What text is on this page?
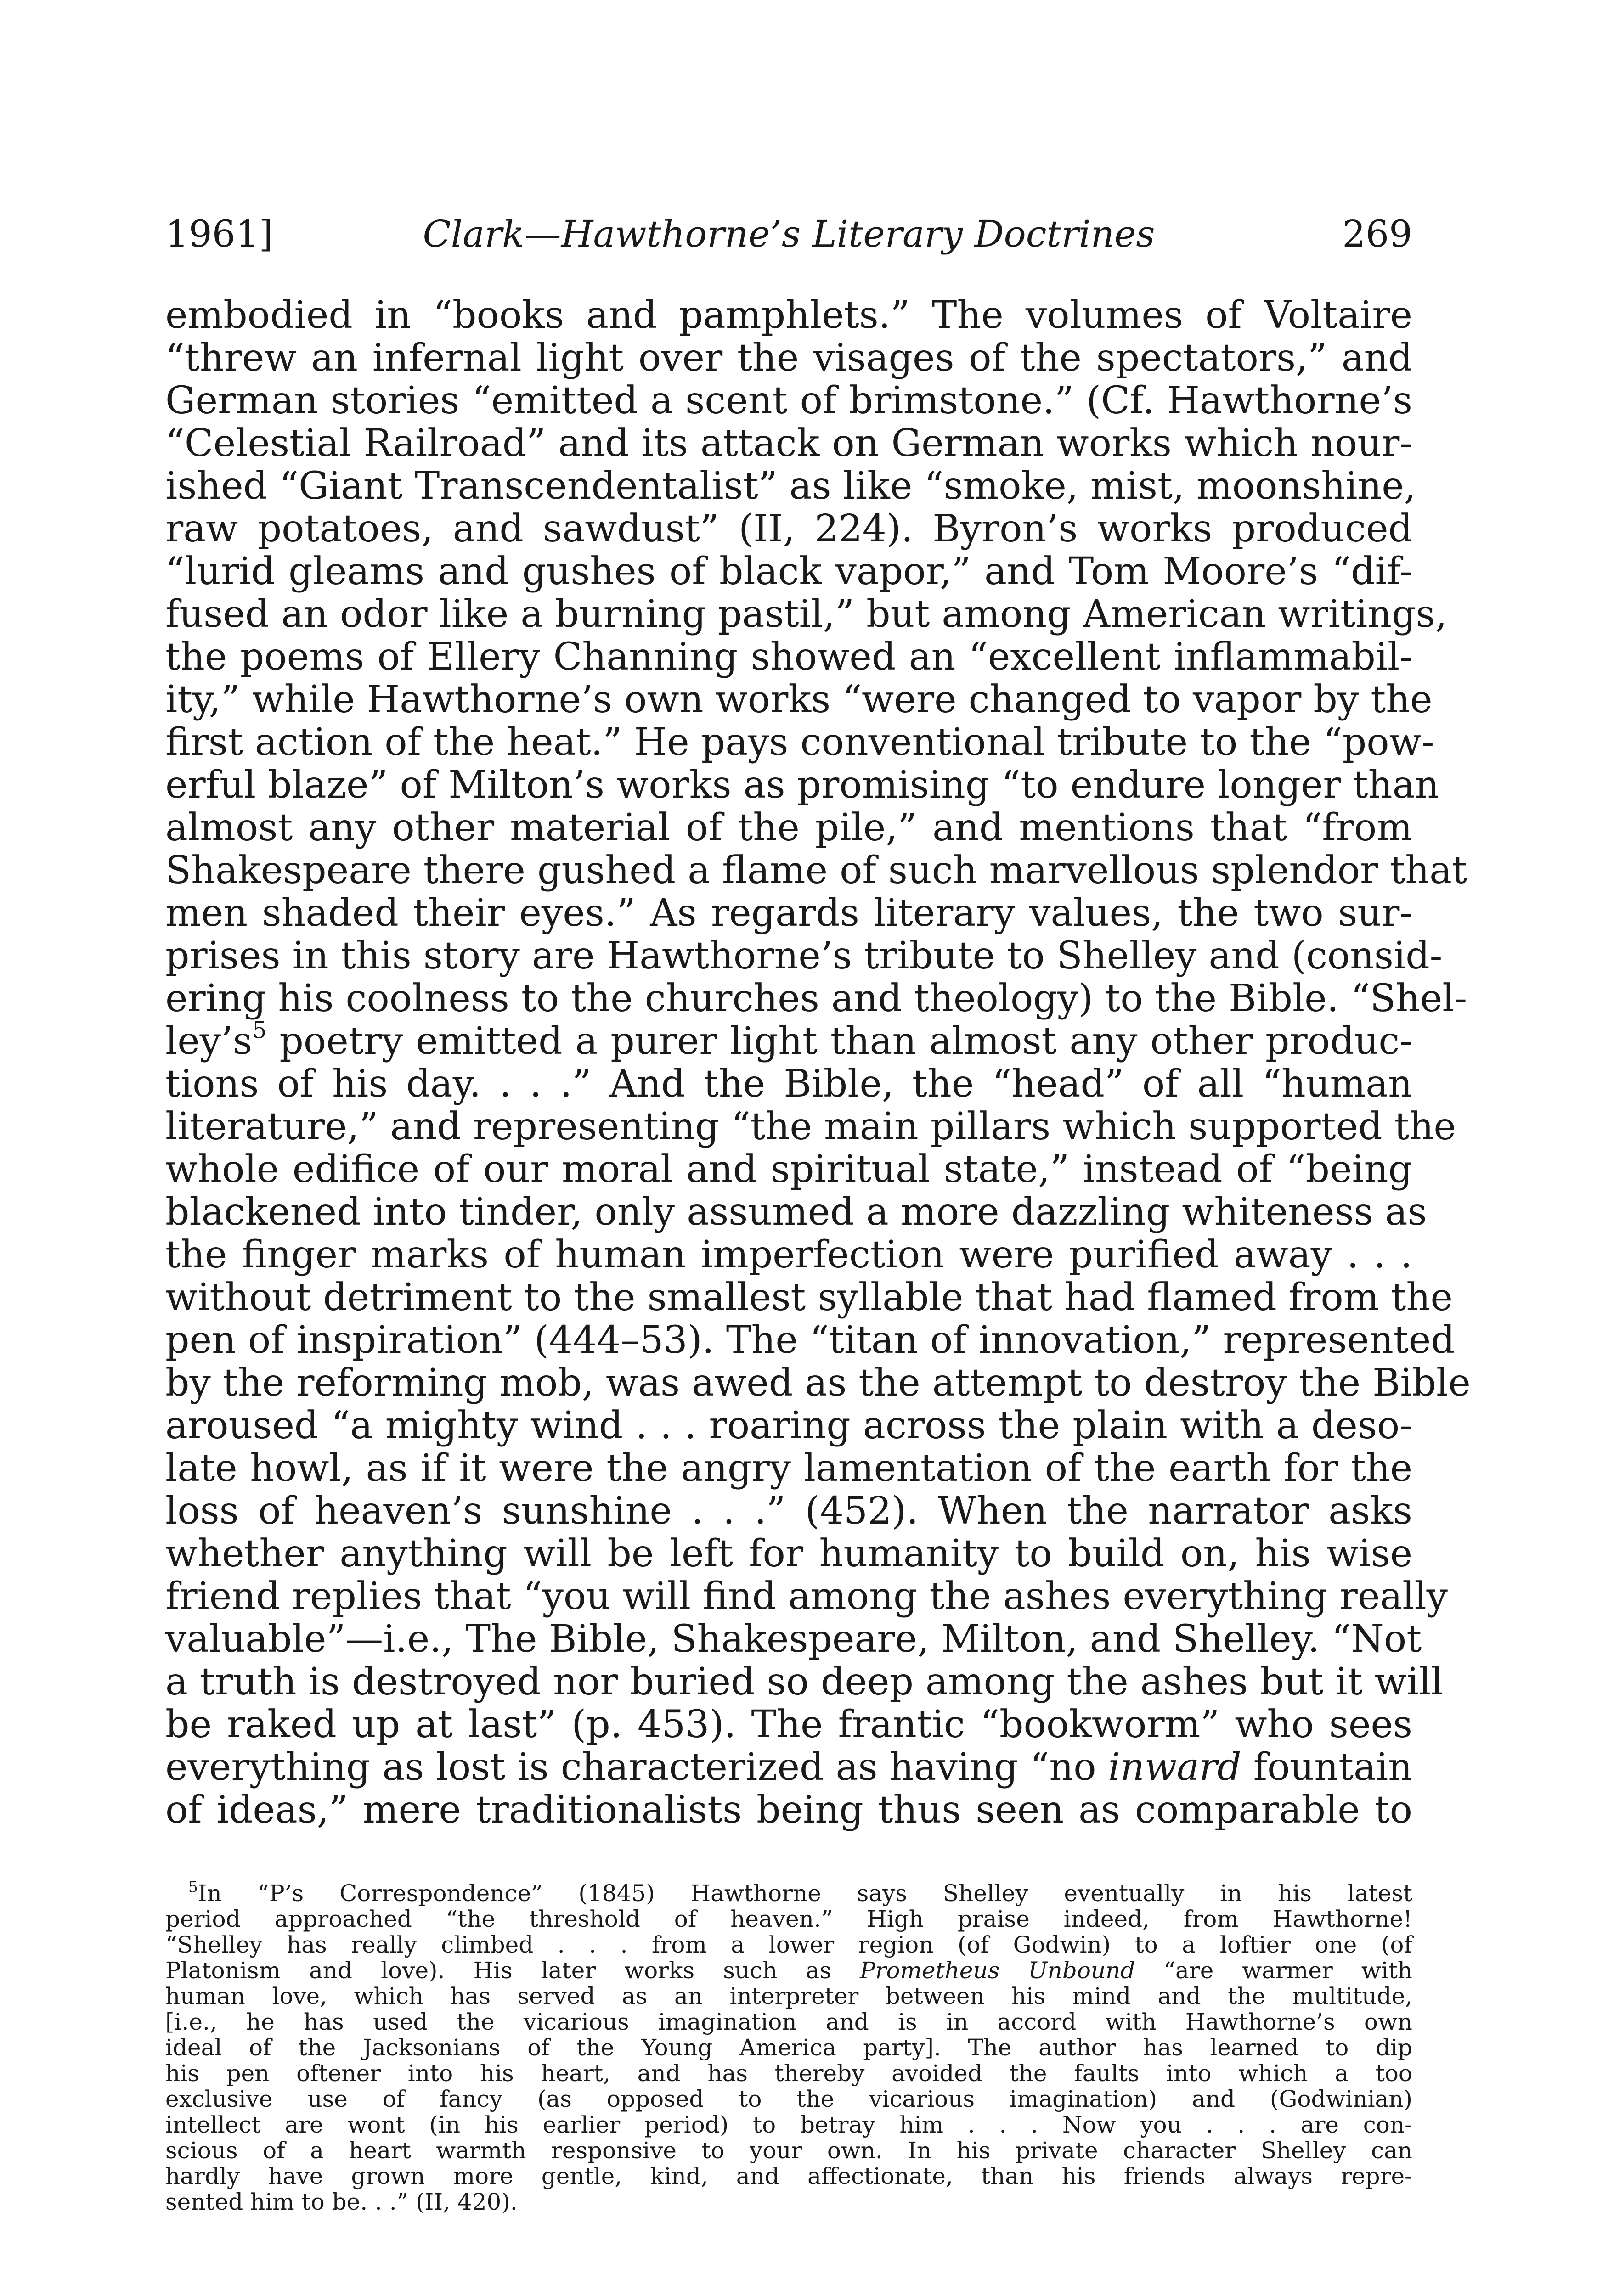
1961]	Clark—Hawthorne’s Literary Doctrines	269
embodied in “books and pamphlets.” The volumes of Voltaire
“threw an infernal light over the visages of the spectators,” and
German stories “emitted a scent of brimstone.” (Cf. Hawthorne’s
“Celestial Railroad” and its attack on German works which nour-
ished “Giant Transcendentalist” as like “smoke, mist, moonshine,
raw potatoes, and sawdust” (II, 224). Byron’s works produced
“lurid gleams and gushes of black vapor,” and Tom Moore’s “dif-
fused an odor like a burning pastil,” but among American writings,
the poems of Ellery Channing showed an “excellent inflammabil-
ity,” while Hawthorne’s own works “were changed to vapor by the
first action of the heat.” He pays conventional tribute to the “pow-
erful blaze” of Milton’s works as promising “to endure longer than
almost any other material of the pile,” and mentions that “from
Shakespeare there gushed a flame of such marvellous splendor that
men shaded their eyes.” As regards literary values, the two sur-
prises in this story are Hawthorne’s tribute to Shelley and (consid-
ering his coolness to the churches and theology) to the Bible. “Shel-
$ley’s^5$ poetry emitted a purer light than almost any other produc-
tions of his day. . . .” And the Bible, the “head” of all “human
literature,” and representing “the main pillars which supported the
whole edifice of our moral and spiritual state,” instead of “being
blackened into tinder, only assumed a more dazzling whiteness as
the finger marks of human imperfection were purified away . . .
without detriment to the smallest syllable that had flamed from the
pen of inspiration” (444–53). The “titan of innovation,” represented
by the reforming mob, was awed as the attempt to destroy the Bible
aroused “a mighty wind . . . roaring across the plain with a deso-
late howl, as if it were the angry lamentation of the earth for the
loss of heaven’s sunshine . . .” (452). When the narrator asks
whether anything will be left for humanity to build on, his wise
friend replies that “you will find among the ashes everything really
valuable”—i.e., The Bible, Shakespeare, Milton, and Shelley. “Not
a truth is destroyed nor buried so deep among the ashes but it will
be raked up at last” (p. 453). The frantic “bookworm” who sees
everything as lost is characterized as having “no inward fountain
of ideas,” mere traditionalists being thus seen as comparable to
$^5$In “P’s Correspondence” (1845) Hawthorne says Shelley eventually in his latest
period approached “the threshold of heaven.” High praise indeed, from Hawthorne!
“Shelley has really climbed . . . from a lower region (of Godwin) to a loftier one (of
Platonism and love). His later works such as Prometheus Unbound “are warmer with
human love, which has served as an interpreter between his mind and the multitude,
[i.e., he has used the vicarious imagination and is in accord with Hawthorne’s own
ideal of the Jacksonians of the Young America party]. The author has learned to dip
his pen oftener into his heart, and has thereby avoided the faults into which a too
exclusive use of fancy (as opposed to the vicarious imagination) and (Godwinian)
intellect are wont (in his earlier period) to betray him . . . Now you . . . are con-
scious of a heart warmth responsive to your own. In his private character Shelley can
hardly have grown more gentle, kind, and affectionate, than his friends always repre-
sented him to be. . .” (II, 420).
